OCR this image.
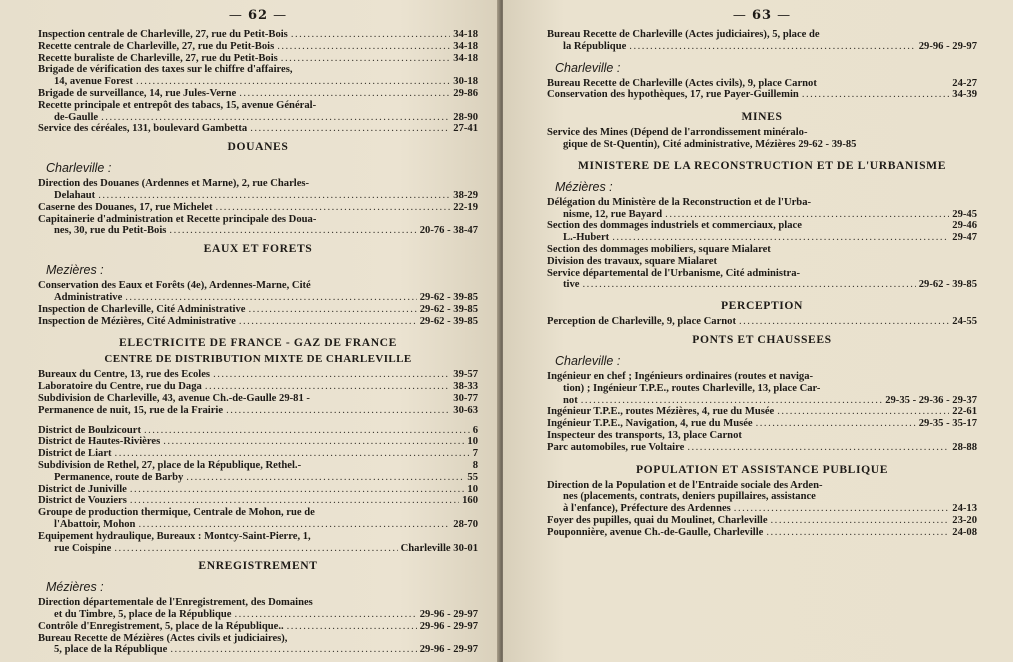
— 62 —
Inspection centrale de Charleville, 27, rue du Petit-Bois .....	34-18
Recette centrale de Charleville, 27, rue du Petit-Bois .....	34-18
Recette buraliste de Charleville, 27, rue du Petit-Bois .....	34-18
Brigade de vérification des taxes sur le chiffre d'affaires,
14, avenue Forest .....	30-18
Brigade de surveillance, 14, rue Jules-Verne .....	29-86
Recette principale et entrepôt des tabacs, 15, avenue Général-
de-Gaulle .....	28-90
Service des céréales, 131, boulevard Gambetta .....	27-41
DOUANES
Charleville :
Direction des Douanes (Ardennes et Marne), 2, rue Charles-
Delahaut .....	38-29
Caserne des Douanes, 17, rue Michelet .....	22-19
Capitainerie d'administration et Recette principale des Doua-
nes, 30, rue du Petit-Bois .....	20-76 - 38-47
EAUX ET FORETS
Mezières :
Conservation des Eaux et Forêts (4e), Ardennes-Marne, Cité
Administrative .....	29-62 - 39-85
Inspection de Charleville, Cité Administrative .....	29-62 - 39-85
Inspection de Mézières, Cité Administrative .....	29-62 - 39-85
ELECTRICITE DE FRANCE - GAZ DE FRANCE
CENTRE DE DISTRIBUTION MIXTE DE CHARLEVILLE
Bureaux du Centre, 13, rue des Ecoles .....	39-57
Laboratoire du Centre, rue du Daga .....	38-33
Subdivision de Charleville, 43, avenue Ch.-de-Gaulle 29-81 -	30-77
Permanence de nuit, 15, rue de la Frairie .....	30-63
District de Boulzicourt .....	6
District de Hautes-Rivières .....	10
District de Liart .....	7
Subdivision de Rethel, 27, place de la République, Rethel.-	8
Permanence, route de Barby .....	55
District de Juniville .....	10
District de Vouziers .....	160
Groupe de production thermique, Centrale de Mohon, rue de
l'Abattoir, Mohon .....	28-70
Equipement hydraulique, Bureaux : Montcy-Saint-Pierre, 1,
rue Coispine .....	Charleville 30-01
ENREGISTREMENT
Mézières :
Direction départementale de l'Enregistrement, des Domaines
et du Timbre, 5, place de la République .....	29-96 - 29-97
Contrôle d'Enregistrement, 5, place de la République.. .....	29-96 - 29-97
Bureau Recette de Mézières (Actes civils et judiciaires),
5, place de la République .....	29-96 - 29-97
— 63 —
Bureau Recette de Charleville (Actes judiciaires), 5, place de
la République .....	29-96 - 29-97
Charleville :
Bureau Recette de Charleville (Actes civils), 9, place Carnot	24-27
Conservation des hypothèques, 17, rue Payer-Guillemin .....	34-39
MINES
Service des Mines (Dépend de l'arrondissement minéralo-
gique de St-Quentin), Cité administrative, Mézières 29-62 - 39-85
MINISTERE DE LA RECONSTRUCTION ET DE L'URBANISME
Mézières :
Délégation du Ministère de la Reconstruction et de l'Urba-
nisme, 12, rue Bayard .....	29-45
Section des dommages industriels et commerciaux, place	29-46
L.-Hubert .....	29-47
Section des dommages mobiliers, square Mialaret
Division des travaux, square Mialaret
Service départemental de l'Urbanisme, Cité administra-
tive .....	29-62 - 39-85
PERCEPTION
Perception de Charleville, 9, place Carnot .....	24-55
PONTS ET CHAUSSEES
Charleville :
Ingénieur en chef ; Ingénieurs ordinaires (routes et naviga-
tion) ; Ingénieur T.P.E., routes Charleville, 13, place Car-
not .....	29-35 - 29-36 - 29-37
Ingénieur T.P.E., routes Mézières, 4, rue du Musée .....	22-61
Ingénieur T.P.E., Navigation, 4, rue du Musée .....	29-35 - 35-17
Inspecteur des transports, 13, place Carnot
Parc automobiles, rue Voltaire .....	28-88
POPULATION ET ASSISTANCE PUBLIQUE
Direction de la Population et de l'Entraide sociale des Arden-
nes (placements, contrats, deniers pupillaires, assistance
à l'enfance), Préfecture des Ardennes .....	24-13
Foyer des pupilles, quai du Moulinet, Charleville .....	23-20
Pouponnière, avenue Ch.-de-Gaulle, Charleville .....	24-08
